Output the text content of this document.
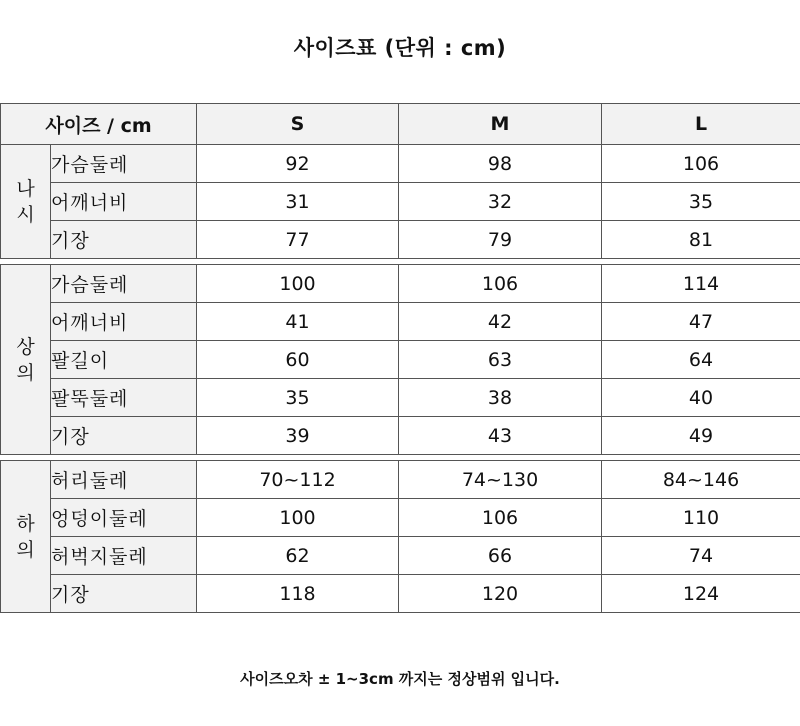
사이즈표 (단위 : cm)
사이즈 / cm		S	M	L
나
시	가슴둘레	92	98	106
	어깨너비	31	32	35
	기장	77	79	81

상
의	가슴둘레	100	106	114
	어깨너비	41	42	47
	팔길이	60	63	64
	팔뚝둘레	35	38	40
	기장	39	43	49

하
의	허리둘레	70~112	74~130	84~146
	엉덩이둘레	100	106	110
	허벅지둘레	62	66	74
	기장	118	120	124
사이즈오차 ± 1~3cm 까지는 정상범위 입니다.
